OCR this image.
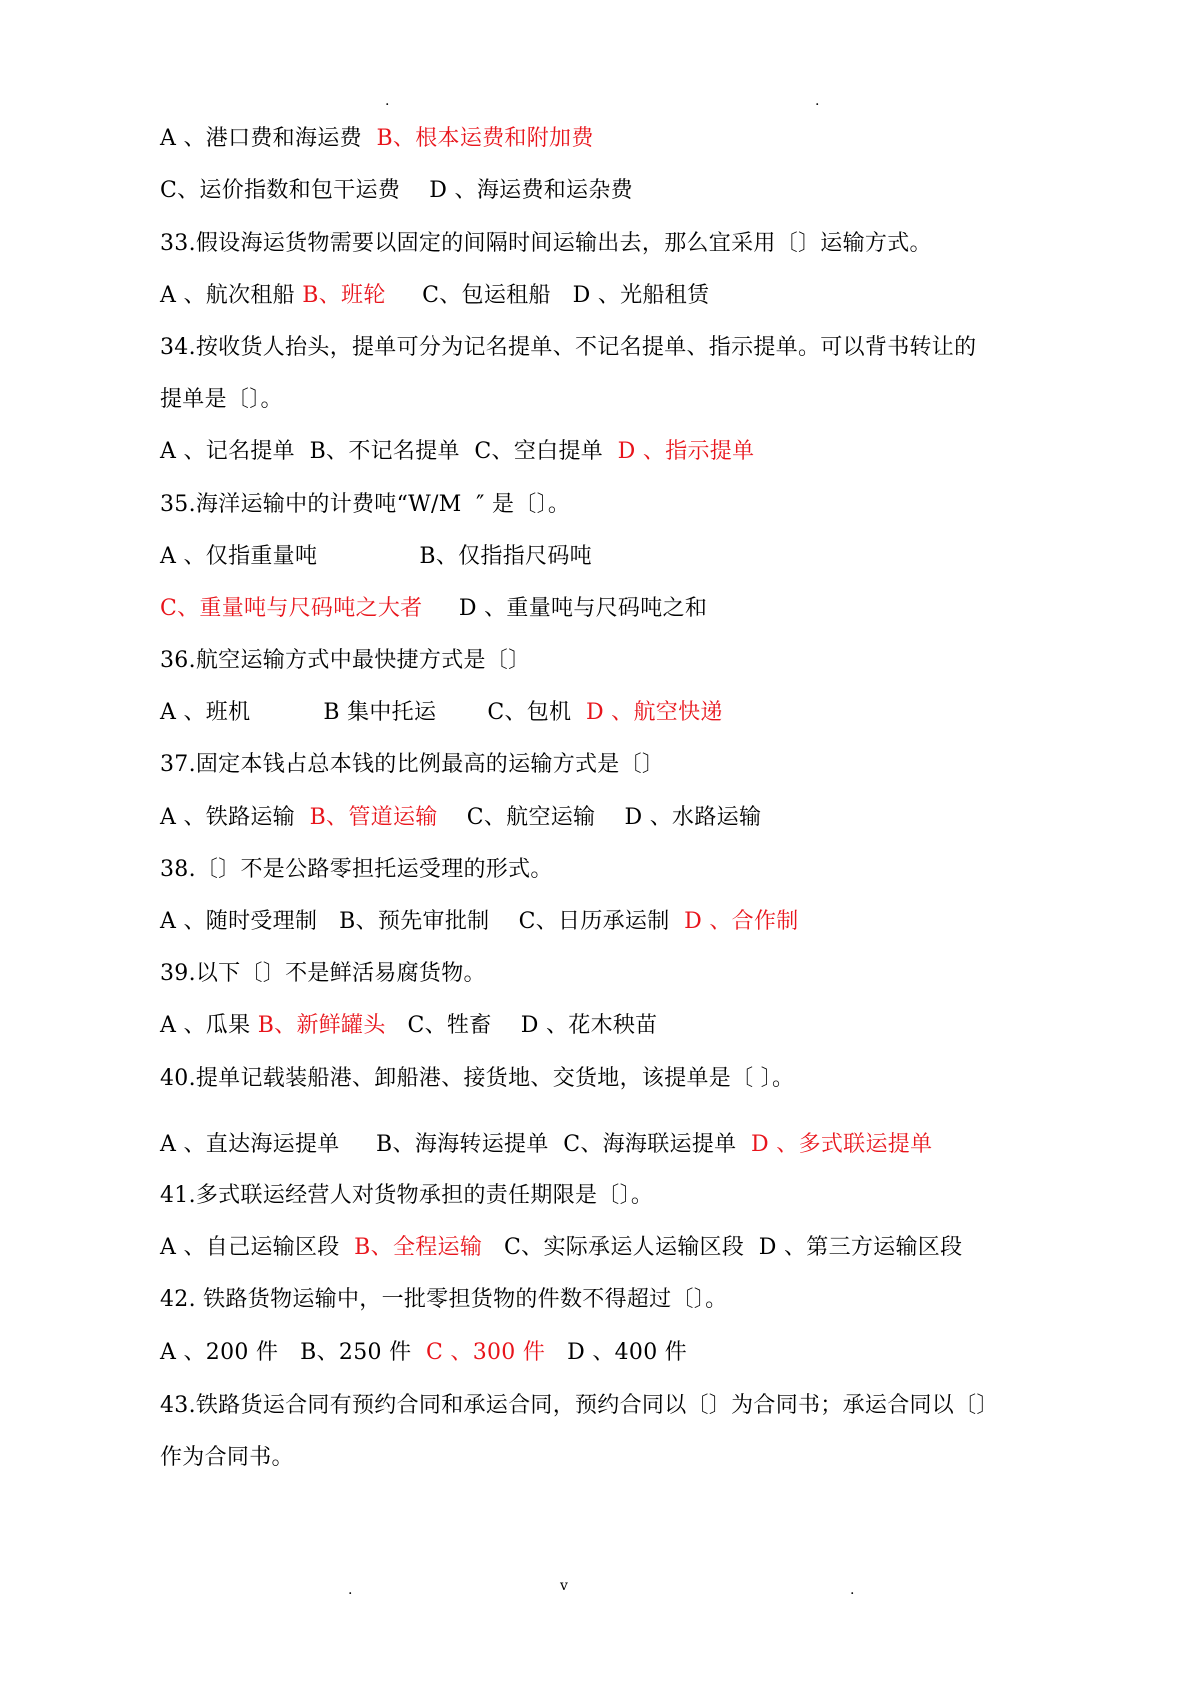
.	.
A 、港口费和海运费  B、根本运费和附加费
C、运价指数和包干运费    D 、海运费和运杂费
33.假设海运货物需要以固定的间隔时间运输出去，那么宜采用〔〕运输方式。
A 、航次租船 B、班轮     C、包运租船   D 、光船租赁
34.按收货人抬头，提单可分为记名提单、不记名提单、指示提单。可以背书转让的
提单是〔〕。
A 、记名提单  B、不记名提单  C、空白提单  D 、指示提单
35.海洋运输中的计费吨“W/M  ″ 是〔〕。
A 、仅指重量吨              B、仅指指尺码吨
C、重量吨与尺码吨之大者     D 、重量吨与尺码吨之和
36.航空运输方式中最快捷方式是〔〕
A 、班机          B 集中托运       C、包机  D 、航空快递
37.固定本钱占总本钱的比例最高的运输方式是〔〕
A 、铁路运输  B、管道运输    C、航空运输    D 、水路运输
38.〔〕不是公路零担托运受理的形式。
A 、随时受理制   B、预先审批制    C、日历承运制  D 、合作制
39.以下〔〕不是鲜活易腐货物。
A 、瓜果 B、新鲜罐头   C、牲畜    D 、花木秧苗
40.提单记载装船港、卸船港、接货地、交货地，该提单是〔 〕。
A 、直达海运提单     B、海海转运提单  C、海海联运提单  D 、多式联运提单
41.多式联运经营人对货物承担的责任期限是〔〕。
A 、自己运输区段  B、全程运输   C、实际承运人运输区段  D 、第三方运输区段
42. 铁路货物运输中，一批零担货物的件数不得超过〔〕。
A 、200 件   B、250 件  C 、300 件   D 、400 件
43.铁路货运合同有预约合同和承运合同，预约合同以〔〕为合同书；承运合同以〔〕
作为合同书。
.	v	.
